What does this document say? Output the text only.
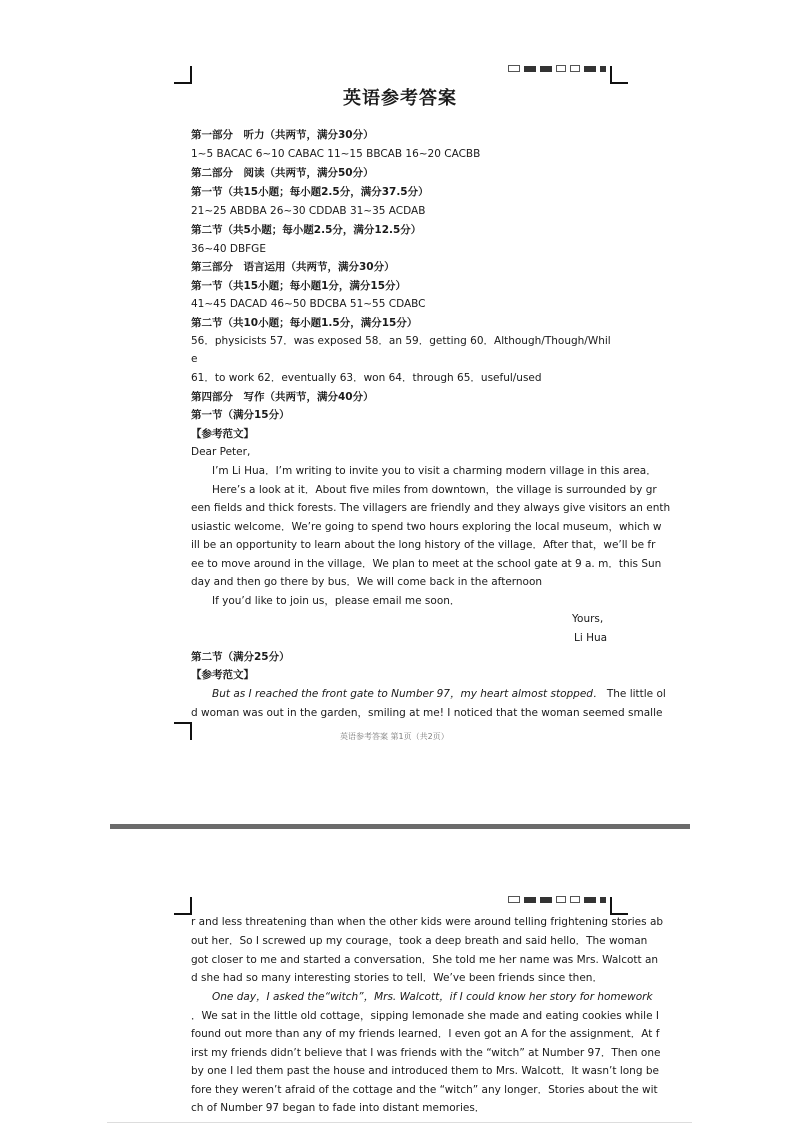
英语参考答案
第一部分　听力（共两节，满分30分）
1~5 BACAC 6~10 CABAC 11~15 BBCAB 16~20 CACBB
第二部分　阅读（共两节，满分50分）
第一节（共15小题；每小题2.5分，满分37.5分）
21~25 ABDBA 26~30 CDDAB 31~35 ACDAB
第二节（共5小题；每小题2.5分，满分12.5分）
36~40 DBFGE
第三部分　语言运用（共两节，满分30分）
第一节（共15小题；每小题1分，满分15分）
41~45 DACAD 46~50 BDCBA 51~55 CDABC
第二节（共10小题；每小题1.5分，满分15分）
56．physicists 57．was exposed 58．an 59．getting 60．Although/Though/Whil
e
61．to work 62．eventually 63．won 64．through 65．useful/used
第四部分　写作（共两节，满分40分）
第一节（满分15分）
【参考范文】
Dear Peter,
I’m Li Hua．I’m writing to invite you to visit a charming modern village in this area．
Here’s a look at it．About five miles from downtown，the village is surrounded by gr
een fields and thick forests. The villagers are friendly and they always give visitors an enth
usiastic welcome．We’re going to spend two hours exploring the local museum，which w
ill be an opportunity to learn about the long history of the village．After that，we’ll be fr
ee to move around in the village．We plan to meet at the school gate at 9 a. m．this Sun
day and then go there by bus．We will come back in the afternoon
If you’d like to join us，please email me soon．
Yours,
Li Hua
第二节（满分25分）
【参考范文】
But as I reached the front gate to Number 97，my heart almost stopped． The little ol
d woman was out in the garden，smiling at me! I noticed that the woman seemed smalle
英语参考答案 第1页（共2页）
r and less threatening than when the other kids were around telling frightening stories ab
out her．So I screwed up my courage，took a deep breath and said hello．The woman
got closer to me and started a conversation．She told me her name was Mrs. Walcott an
d she had so many interesting stories to tell．We’ve been friends since then．
One day，I asked the“witch”，Mrs. Walcott，if I could know her story for homework
．We sat in the little old cottage，sipping lemonade she made and eating cookies while I
found out more than any of my friends learned．I even got an A for the assignment．At f
irst my friends didn’t believe that I was friends with the “witch” at Number 97．Then one
by one I led them past the house and introduced them to Mrs. Walcott．It wasn’t long be
fore they weren’t afraid of the cottage and the “witch” any longer．Stories about the wit
ch of Number 97 began to fade into distant memories．
